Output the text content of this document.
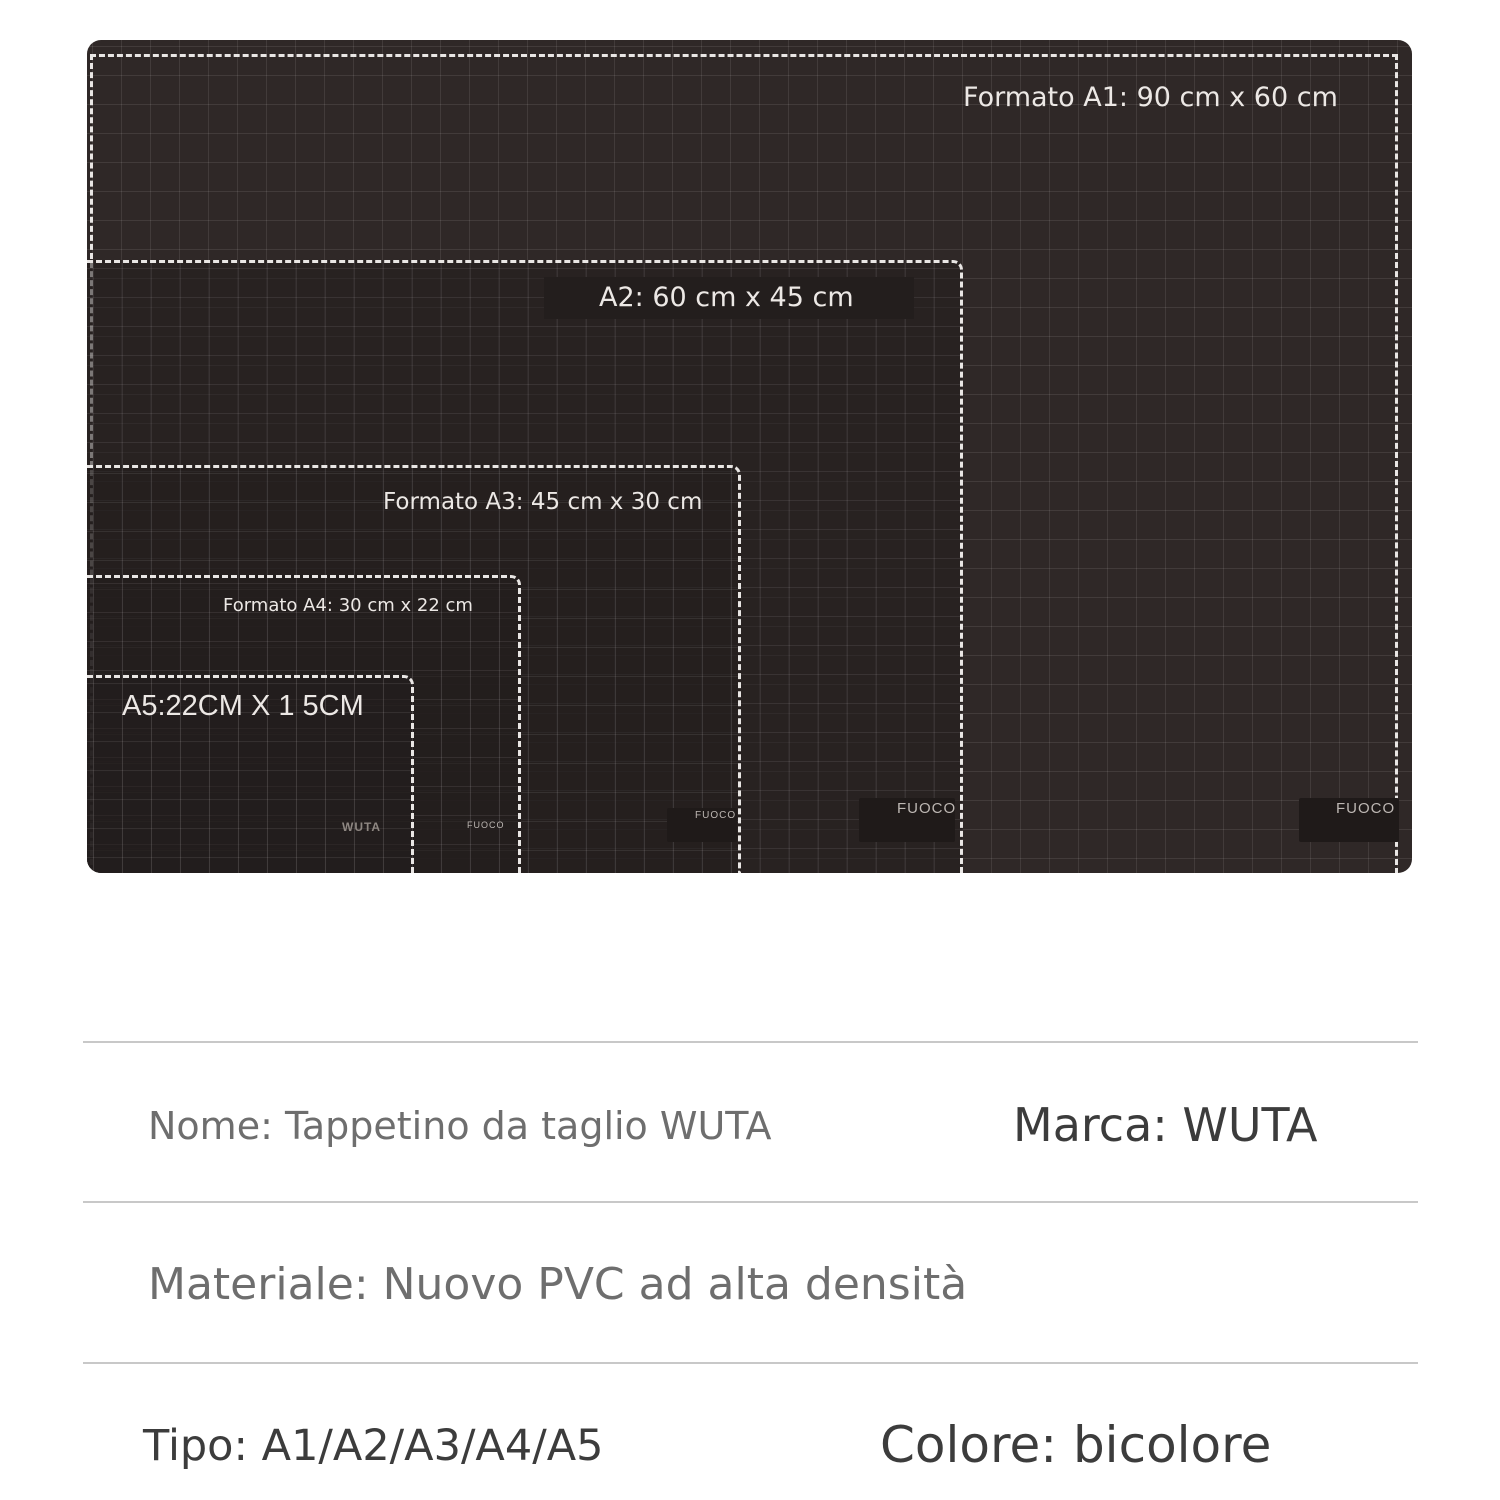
Formato A1: 90 cm x 60 cm
A2: 60 cm x 45 cm
Formato A3: 45 cm x 30 cm
Formato A4: 30 cm x 22 cm
A5:22CM X 1 5CM
FUOCO
FUOCO
FUOCO
FUOCO
WUTA
Nome: Tappetino da taglio WUTA	Marca: WUTA
Materiale: Nuovo PVC ad alta densità
Tipo: A1/A2/A3/A4/A5	Colore: bicolore
